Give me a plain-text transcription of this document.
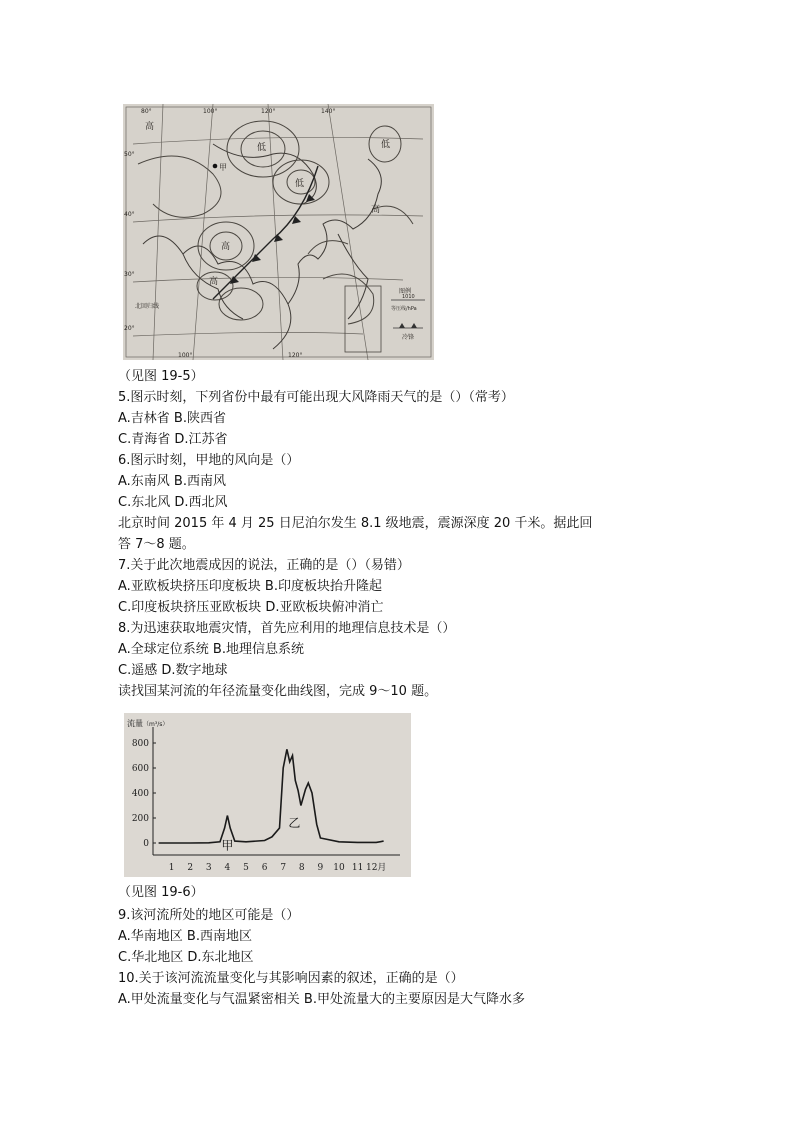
80°	100°	120°	140°
100°	120°
50°
40°
30°
20°
高
高
高
高
低
低
低
甲
北回归线
图例
1010
等压线/hPa
冷锋
（见图 19-5）
5.图示时刻，下列省份中最有可能出现大风降雨天气的是（）（常考）
A.吉林省 B.陕西省
C.青海省 D.江苏省
6.图示时刻，甲地的风向是（）
A.东南风 B.西南风
C.东北风 D.西北风
北京时间 2015 年 4 月 25 日尼泊尔发生 8.1 级地震，震源深度 20 千米。据此回
答 7～8 题。
7.关于此次地震成因的说法，正确的是（）（易错）
A.亚欧板块挤压印度板块 B.印度板块抬升隆起
C.印度板块挤压亚欧板块 D.亚欧板块俯冲消亡
8.为迅速获取地震灾情，首先应利用的地理信息技术是（）
A.全球定位系统 B.地理信息系统
C.遥感 D.数字地球
读找国某河流的年径流量变化曲线图，完成 9～10 题。
流量（m³/s）
0
200
400
600
800
1 2 3 4 5 6 7 8 9 10 11 12月
甲
乙
（见图 19-6）
9.该河流所处的地区可能是（）
A.华南地区 B.西南地区
C.华北地区 D.东北地区
10.关于该河流流量变化与其影响因素的叙述，正确的是（）
A.甲处流量变化与气温紧密相关 B.甲处流量大的主要原因是大气降水多
